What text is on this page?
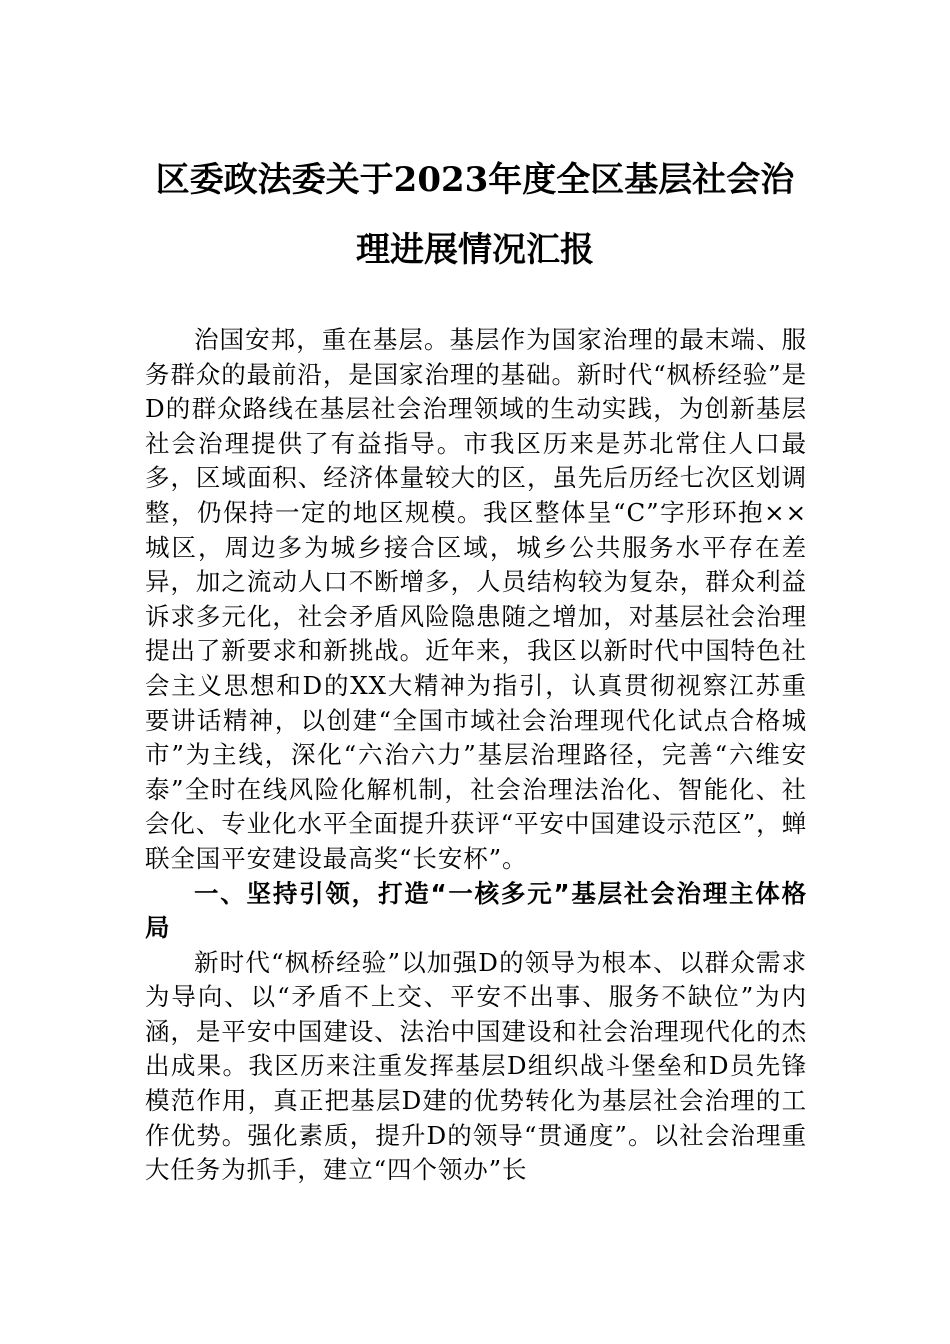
区委政法委关于2023年度全区基层社会治理进展情况汇报

治国安邦，重在基层。基层作为国家治理的最末端、服务群众的最前沿，是国家治理的基础。新时代“枫桥经验”是D的群众路线在基层社会治理领域的生动实践，为创新基层社会治理提供了有益指导。市我区历来是苏北常住人口最多，区域面积、经济体量较大的区，虽先后历经七次区划调整，仍保持一定的地区规模。我区整体呈“C”字形环抱××城区，周边多为城乡接合区域，城乡公共服务水平存在差异，加之流动人口不断增多，人员结构较为复杂，群众利益诉求多元化，社会矛盾风险隐患随之增加，对基层社会治理提出了新要求和新挑战。近年来，我区以新时代中国特色社会主义思想和D的XX大精神为指引，认真贯彻视察江苏重要讲话精神，以创建“全国市域社会治理现代化试点合格城市”为主线，深化“六治六力”基层治理路径，完善“六维安泰”全时在线风险化解机制，社会治理法治化、智能化、社会化、专业化水平全面提升获评“平安中国建设示范区”，蝉联全国平安建设最高奖“长安杯”。

一、坚持引领，打造“一核多元”基层社会治理主体格局

新时代“枫桥经验”以加强D的领导为根本、以群众需求为导向、以“矛盾不上交、平安不出事、服务不缺位”为内涵，是平安中国建设、法治中国建设和社会治理现代化的杰出成果。我区历来注重发挥基层D组织战斗堡垒和D员先锋模范作用，真正把基层D建的优势转化为基层社会治理的工作优势。强化素质，提升D的领导“贯通度”。以社会治理重大任务为抓手，建立“四个领办”长
